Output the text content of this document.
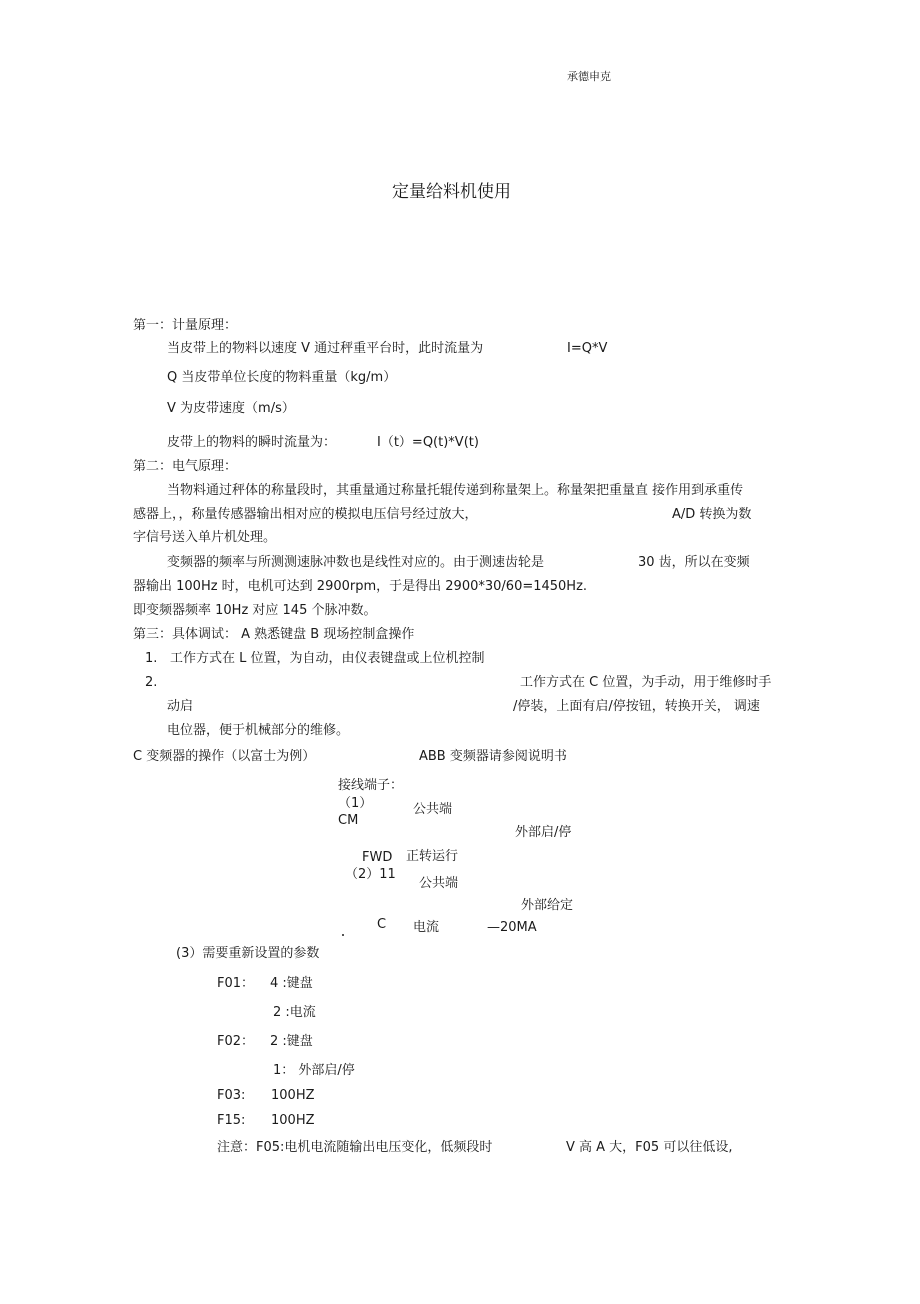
承德申克
定量给料机使用
第一：计量原理：
当皮带上的物料以速度 V 通过秤重平台时，此时流量为	I=Q*V
Q 当皮带单位长度的物料重量（kg/m）
V 为皮带速度（m/s）
皮带上的物料的瞬时流量为：	I（t）=Q(t)*V(t)
第二：电气原理：
当物料通过秤体的称量段时，其重量通过称量托辊传递到称量架上。称量架把重量直 接作用到承重传
感器上，，称量传感器输出相对应的模拟电压信号经过放大，	A/D 转换为数
字信号送入单片机处理。
变频器的频率与所测测速脉冲数也是线性对应的。由于测速齿轮是	30 齿，所以在变频
器输出 100Hz 时，电机可达到 2900rpm，于是得出 2900*30/60=1450Hz.
即变频器频率 10Hz 对应 145 个脉冲数。
第三：具体调试： A 熟悉键盘 B 现场控制盒操作
1. 工作方式在 L 位置，为自动，由仪表键盘或上位机控制
2.	工作方式在 C 位置，为手动，用于维修时手
动启	/停装，上面有启/停按钮，转换开关， 调速
电位器，便于机械部分的维修。
C 变频器的操作（以富士为例）	ABB 变频器请参阅说明书
接线端子：
（1）	公共端
CM
外部启/停
FWD 正转运行
（2）11
公共端
外部给定
C 电流	—20MA
(3）需要重新设置的参数
F01： 4 :键盘
2 :电流
F02： 2 :键盘
1： 外部启/停
F03: 100HZ
F15: 100HZ
注意：F05:电机电流随输出电压变化，低频段时	V 高 A 大，F05 可以往低设,
